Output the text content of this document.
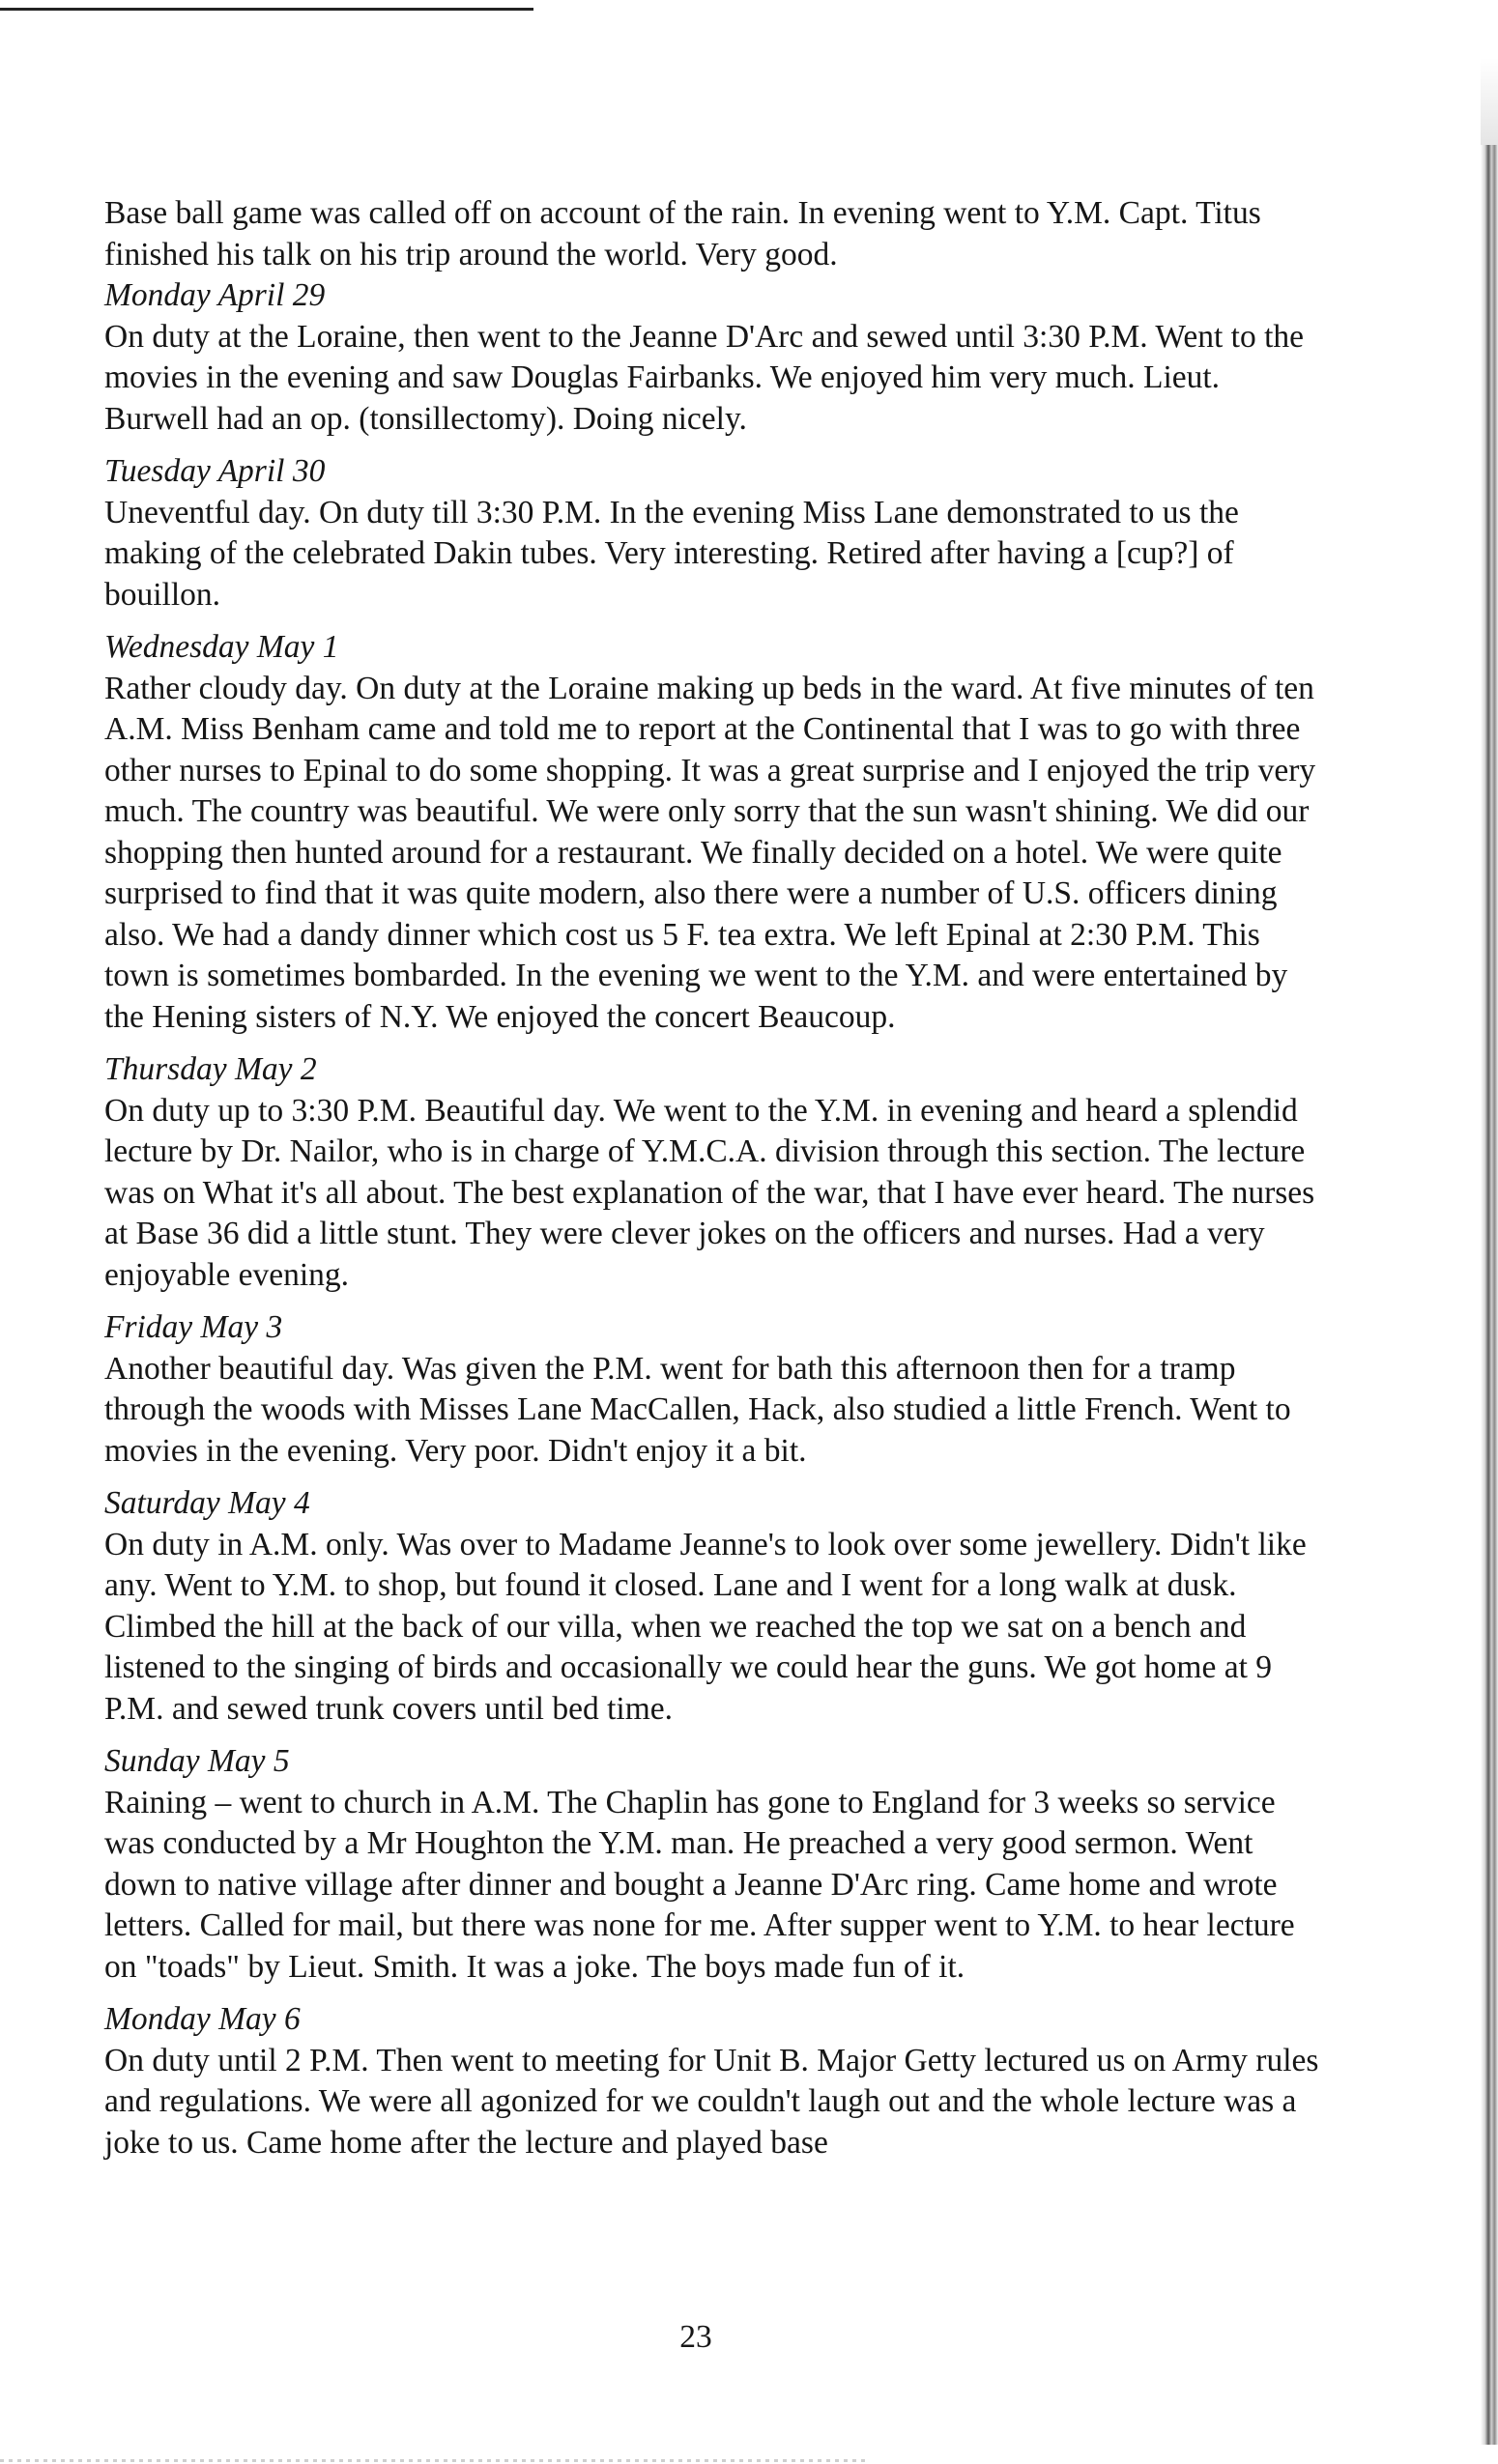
Base ball game was called off on account of the rain. In evening went to Y.M. Capt. Titus finished his talk on his trip around the world. Very good.

Monday April 29

On duty at the Loraine, then went to the Jeanne D'Arc and sewed until 3:30 P.M. Went to the movies in the evening and saw Douglas Fairbanks. We enjoyed him very much. Lieut. Burwell had an op. (tonsillectomy). Doing nicely.

Tuesday April 30

Uneventful day. On duty till 3:30 P.M. In the evening Miss Lane demonstrated to us the making of the celebrated Dakin tubes. Very interesting. Retired after having a [cup?] of bouillon.

Wednesday May 1

Rather cloudy day. On duty at the Loraine making up beds in the ward. At five minutes of ten A.M. Miss Benham came and told me to report at the Continental that I was to go with three other nurses to Epinal to do some shopping. It was a great surprise and I enjoyed the trip very much. The country was beautiful. We were only sorry that the sun wasn't shining. We did our shopping then hunted around for a restaurant. We finally decided on a hotel. We were quite surprised to find that it was quite modern, also there were a number of U.S. officers dining also. We had a dandy dinner which cost us 5 F. tea extra. We left Epinal at 2:30 P.M. This town is sometimes bombarded. In the evening we went to the Y.M. and were entertained by the Hening sisters of N.Y. We enjoyed the concert Beaucoup.

Thursday May 2

On duty up to 3:30 P.M. Beautiful day. We went to the Y.M. in evening and heard a splendid lecture by Dr. Nailor, who is in charge of Y.M.C.A. division through this section. The lecture was on What it's all about. The best explanation of the war, that I have ever heard. The nurses at Base 36 did a little stunt. They were clever jokes on the officers and nurses. Had a very enjoyable evening.

Friday May 3

Another beautiful day. Was given the P.M. went for bath this afternoon then for a tramp through the woods with Misses Lane MacCallen, Hack, also studied a little French. Went to movies in the evening. Very poor. Didn't enjoy it a bit.

Saturday May 4

On duty in A.M. only. Was over to Madame Jeanne's to look over some jewellery. Didn't like any. Went to Y.M. to shop, but found it closed. Lane and I went for a long walk at dusk. Climbed the hill at the back of our villa, when we reached the top we sat on a bench and listened to the singing of birds and occasionally we could hear the guns. We got home at 9 P.M. and sewed trunk covers until bed time.

Sunday May 5

Raining – went to church in A.M. The Chaplin has gone to England for 3 weeks so service was conducted by a Mr Houghton the Y.M. man. He preached a very good sermon. Went down to native village after dinner and bought a Jeanne D'Arc ring. Came home and wrote letters. Called for mail, but there was none for me. After supper went to Y.M. to hear lecture on "toads" by Lieut. Smith. It was a joke. The boys made fun of it.

Monday May 6

On duty until 2 P.M. Then went to meeting for Unit B. Major Getty lectured us on Army rules and regulations. We were all agonized for we couldn't laugh out and the whole lecture was a joke to us. Came home after the lecture and played base

23
